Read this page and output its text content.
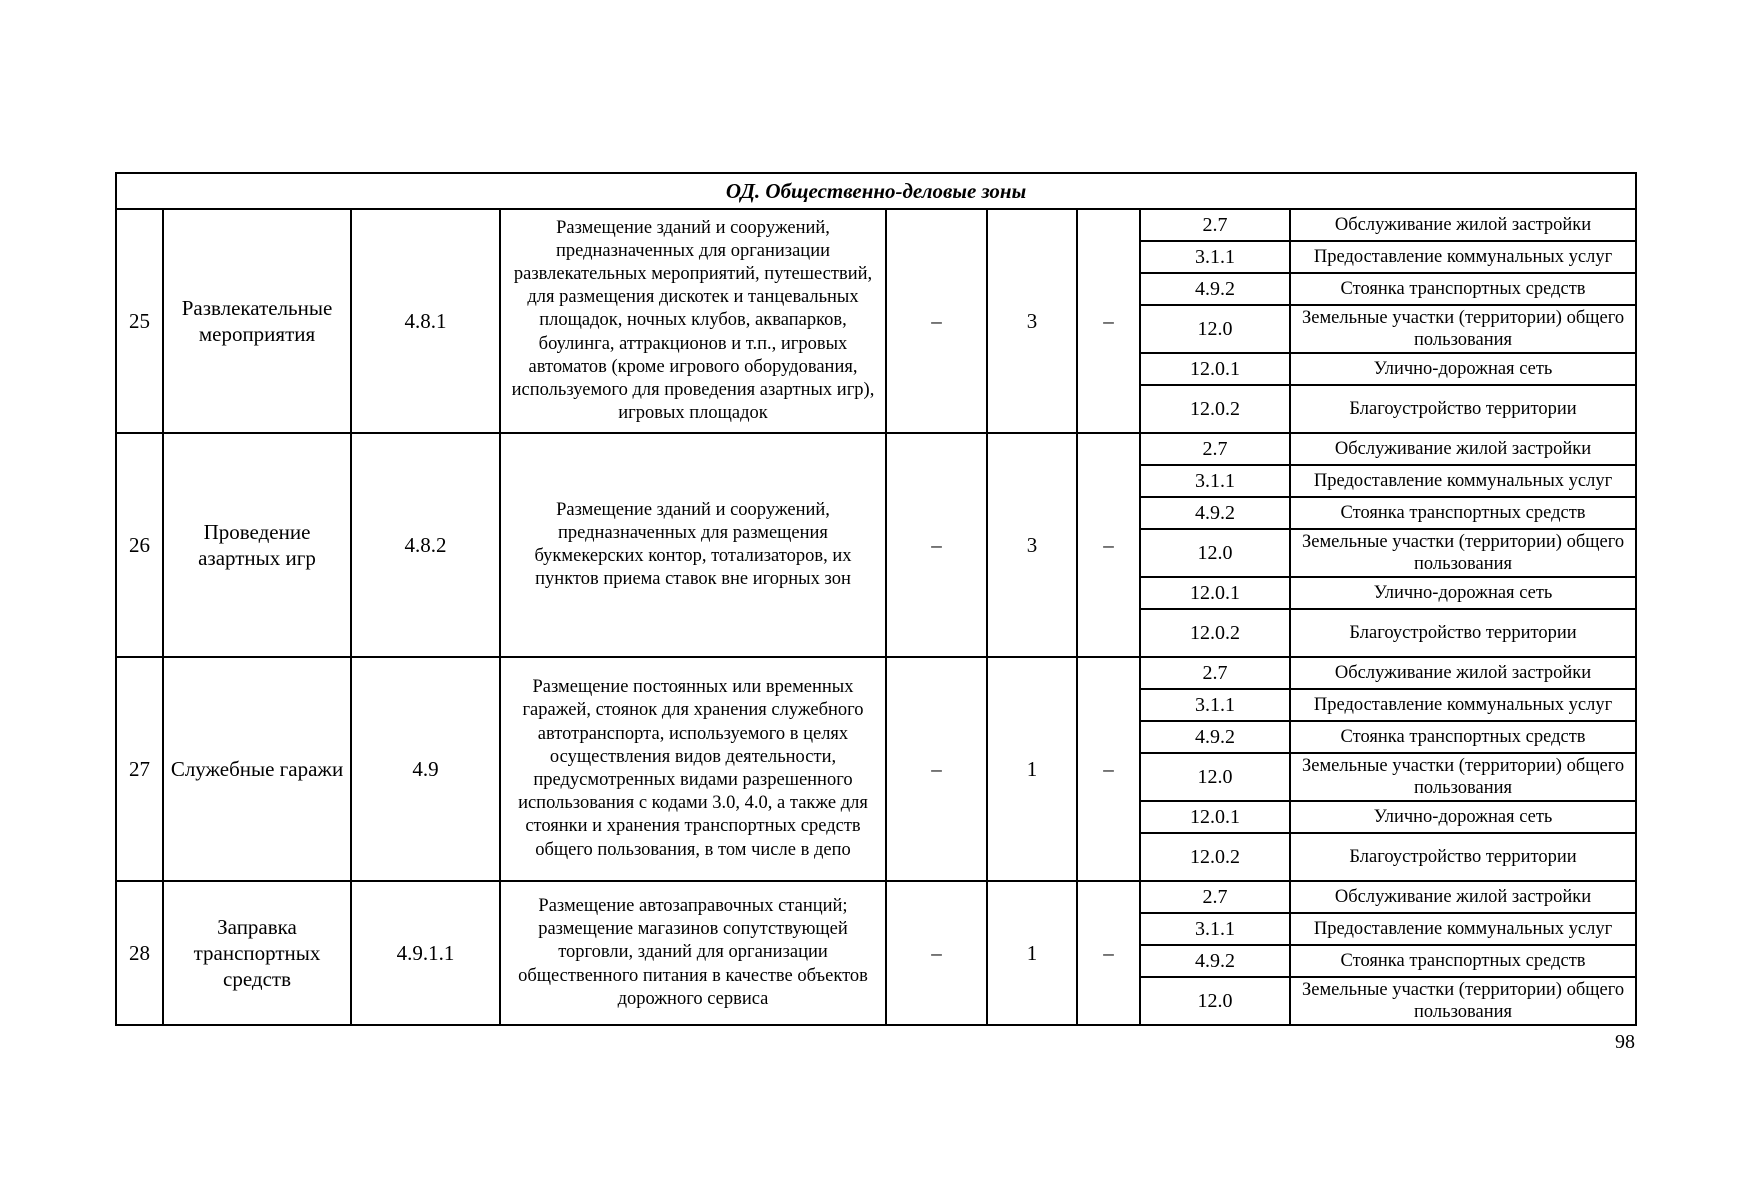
ОД. Общественно-деловые зоны								
25	Развлекательные мероприятия	4.8.1	Размещение зданий и сооружений, предназначенных для организации развлекательных мероприятий, путешествий, для размещения дискотек и танцевальных площадок, ночных клубов, аквапарков, боулинга, аттракционов и т.п., игровых автоматов (кроме игрового оборудования, используемого для проведения азартных игр), игровых площадок	–	3	–	2.7	Обслуживание жилой застройки
							3.1.1	Предоставление коммунальных услуг
							4.9.2	Стоянка транспортных средств
							12.0	Земельные участки (территории) общего пользования
							12.0.1	Улично-дорожная сеть
							12.0.2	Благоустройство территории
26	Проведение азартных игр	4.8.2	Размещение зданий и сооружений, предназначенных для размещения букмекерских контор, тотализаторов, их пунктов приема ставок вне игорных зон	–	3	–	2.7	Обслуживание жилой застройки
							3.1.1	Предоставление коммунальных услуг
							4.9.2	Стоянка транспортных средств
							12.0	Земельные участки (территории) общего пользования
							12.0.1	Улично-дорожная сеть
							12.0.2	Благоустройство территории
27	Служебные гаражи	4.9	Размещение постоянных или временных гаражей, стоянок для хранения служебного автотранспорта, используемого в целях осуществления видов деятельности, предусмотренных видами разрешенного использования с кодами 3.0, 4.0, а также для стоянки и хранения транспортных средств общего пользования, в том числе в депо	–	1	–	2.7	Обслуживание жилой застройки
							3.1.1	Предоставление коммунальных услуг
							4.9.2	Стоянка транспортных средств
							12.0	Земельные участки (территории) общего пользования
							12.0.1	Улично-дорожная сеть
							12.0.2	Благоустройство территории
28	Заправка транспортных средств	4.9.1.1	Размещение автозаправочных станций; размещение магазинов сопутствующей торговли, зданий для организации общественного питания в качестве объектов дорожного сервиса	–	1	–	2.7	Обслуживание жилой застройки
							3.1.1	Предоставление коммунальных услуг
							4.9.2	Стоянка транспортных средств
							12.0	Земельные участки (территории) общего пользования
98
